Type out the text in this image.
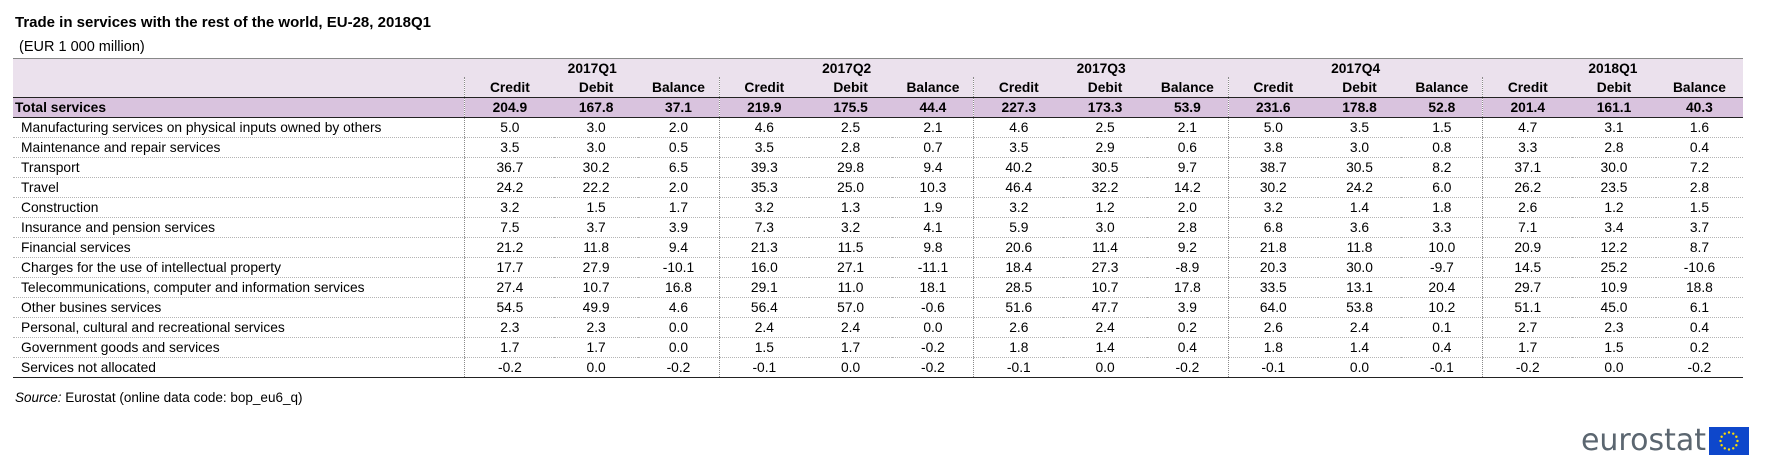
Trade in services with the rest of the world, EU-28, 2018Q1
(EUR 1 000 million)
	2017Q1			2017Q2			2017Q3			2017Q4			2018Q1		
	Credit	Debit	Balance	Credit	Debit	Balance	Credit	Debit	Balance	Credit	Debit	Balance	Credit	Debit	Balance
Total services	204.9	167.8	37.1	219.9	175.5	44.4	227.3	173.3	53.9	231.6	178.8	52.8	201.4	161.1	40.3
Manufacturing services on physical inputs owned by others	5.0	3.0	2.0	4.6	2.5	2.1	4.6	2.5	2.1	5.0	3.5	1.5	4.7	3.1	1.6
Maintenance and repair services	3.5	3.0	0.5	3.5	2.8	0.7	3.5	2.9	0.6	3.8	3.0	0.8	3.3	2.8	0.4
Transport	36.7	30.2	6.5	39.3	29.8	9.4	40.2	30.5	9.7	38.7	30.5	8.2	37.1	30.0	7.2
Travel	24.2	22.2	2.0	35.3	25.0	10.3	46.4	32.2	14.2	30.2	24.2	6.0	26.2	23.5	2.8
Construction	3.2	1.5	1.7	3.2	1.3	1.9	3.2	1.2	2.0	3.2	1.4	1.8	2.6	1.2	1.5
Insurance and pension services	7.5	3.7	3.9	7.3	3.2	4.1	5.9	3.0	2.8	6.8	3.6	3.3	7.1	3.4	3.7
Financial services	21.2	11.8	9.4	21.3	11.5	9.8	20.6	11.4	9.2	21.8	11.8	10.0	20.9	12.2	8.7
Charges for the use of intellectual property	17.7	27.9	-10.1	16.0	27.1	-11.1	18.4	27.3	-8.9	20.3	30.0	-9.7	14.5	25.2	-10.6
Telecommunications, computer and information services	27.4	10.7	16.8	29.1	11.0	18.1	28.5	10.7	17.8	33.5	13.1	20.4	29.7	10.9	18.8
Other busines services	54.5	49.9	4.6	56.4	57.0	-0.6	51.6	47.7	3.9	64.0	53.8	10.2	51.1	45.0	6.1
Personal, cultural and recreational services	2.3	2.3	0.0	2.4	2.4	0.0	2.6	2.4	0.2	2.6	2.4	0.1	2.7	2.3	0.4
Government goods and services	1.7	1.7	0.0	1.5	1.7	-0.2	1.8	1.4	0.4	1.8	1.4	0.4	1.7	1.5	0.2
Services not allocated	-0.2	0.0	-0.2	-0.1	0.0	-0.2	-0.1	0.0	-0.2	-0.1	0.0	-0.1	-0.2	0.0	-0.2
Source: Eurostat (online data code: bop_eu6_q)
eurostat
